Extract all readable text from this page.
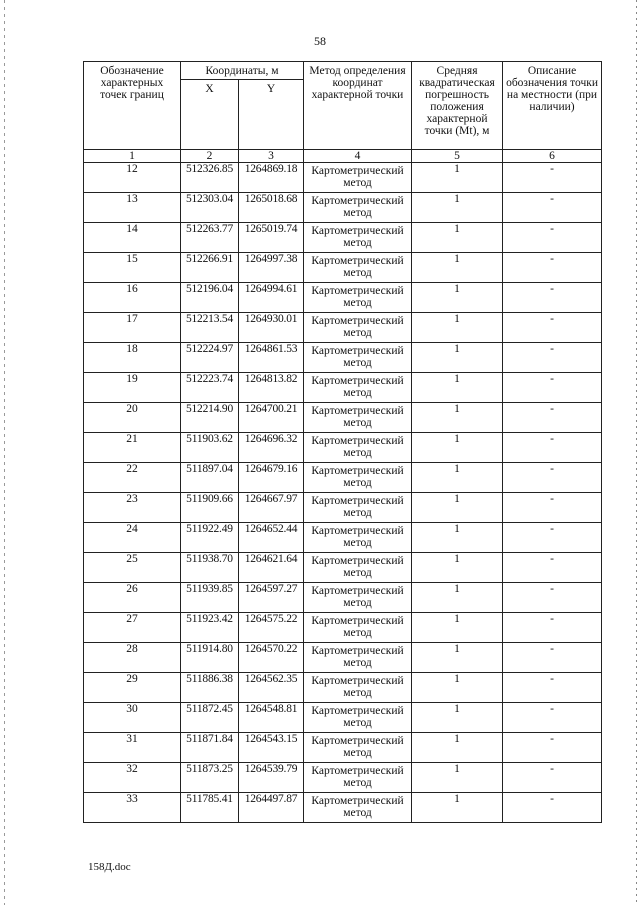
58
Обозначение характерных точек границ	Координаты, м		Метод определения координат характерной точки	Средняя квадратическая погрешность положения характерной точки (Mt), м	Описание обозначения точки на местности (при наличии)
	X	Y			
1	2	3	4	5	6
12	512326.85	1264869.18	Картометрический метод	1	-
13	512303.04	1265018.68	Картометрический метод	1	-
14	512263.77	1265019.74	Картометрический метод	1	-
15	512266.91	1264997.38	Картометрический метод	1	-
16	512196.04	1264994.61	Картометрический метод	1	-
17	512213.54	1264930.01	Картометрический метод	1	-
18	512224.97	1264861.53	Картометрический метод	1	-
19	512223.74	1264813.82	Картометрический метод	1	-
20	512214.90	1264700.21	Картометрический метод	1	-
21	511903.62	1264696.32	Картометрический метод	1	-
22	511897.04	1264679.16	Картометрический метод	1	-
23	511909.66	1264667.97	Картометрический метод	1	-
24	511922.49	1264652.44	Картометрический метод	1	-
25	511938.70	1264621.64	Картометрический метод	1	-
26	511939.85	1264597.27	Картометрический метод	1	-
27	511923.42	1264575.22	Картометрический метод	1	-
28	511914.80	1264570.22	Картометрический метод	1	-
29	511886.38	1264562.35	Картометрический метод	1	-
30	511872.45	1264548.81	Картометрический метод	1	-
31	511871.84	1264543.15	Картометрический метод	1	-
32	511873.25	1264539.79	Картометрический метод	1	-
33	511785.41	1264497.87	Картометрический метод	1	-
158Д.doc
